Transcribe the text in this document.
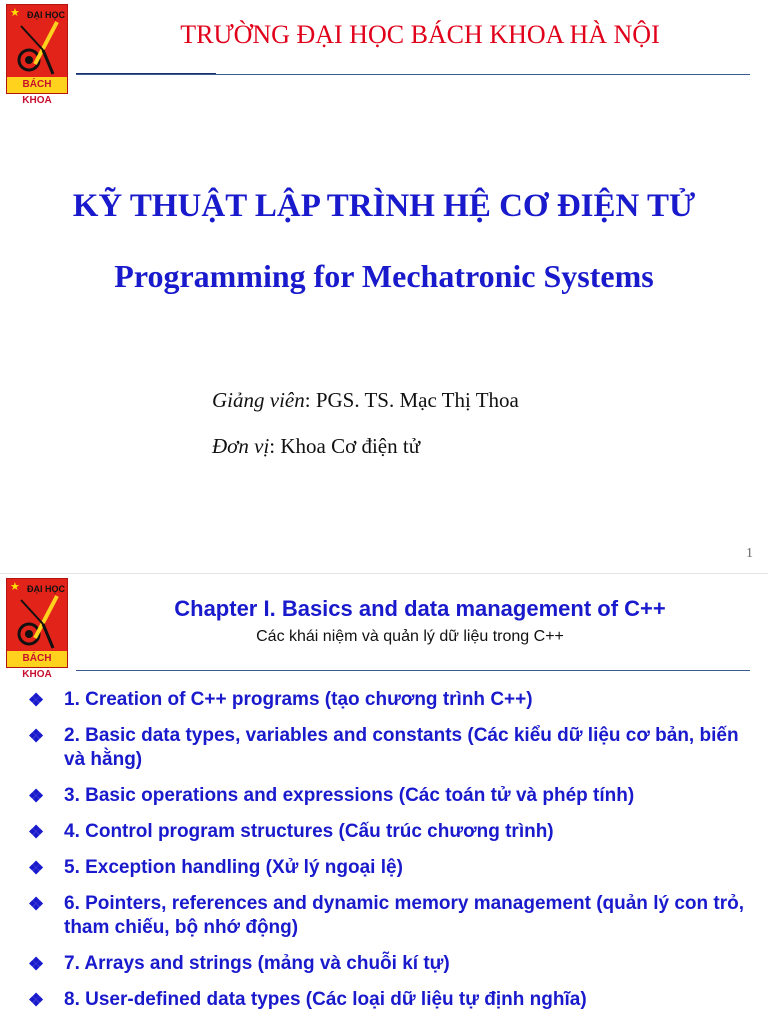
★ ĐẠI HỌC
BÁCH KHOA
TRƯỜNG ĐẠI HỌC BÁCH KHOA HÀ NỘI
KỸ THUẬT LẬP TRÌNH HỆ CƠ ĐIỆN TỬ
Programming for Mechatronic Systems
Giảng viên: PGS. TS. Mạc Thị Thoa
Đơn vị: Khoa Cơ điện tử
1
★ ĐẠI HỌC
BÁCH KHOA
Chapter I. Basics and data management of C++
Các khái niệm và quản lý dữ liệu trong C++
❖ 1. Creation of C++ programs (tạo chương trình C++)
❖ 2. Basic data types, variables and constants (Các kiểu dữ liệu cơ bản, biến và hằng)
❖ 3. Basic operations and expressions (Các toán tử và phép tính)
❖ 4. Control program structures (Cấu trúc chương trình)
❖ 5. Exception handling (Xử lý ngoại lệ)
❖ 6. Pointers, references and dynamic memory management (quản lý con trỏ, tham chiếu, bộ nhớ động)
❖ 7. Arrays and strings (mảng và chuỗi kí tự)
❖ 8. User-defined data types (Các loại dữ liệu tự định nghĩa)
